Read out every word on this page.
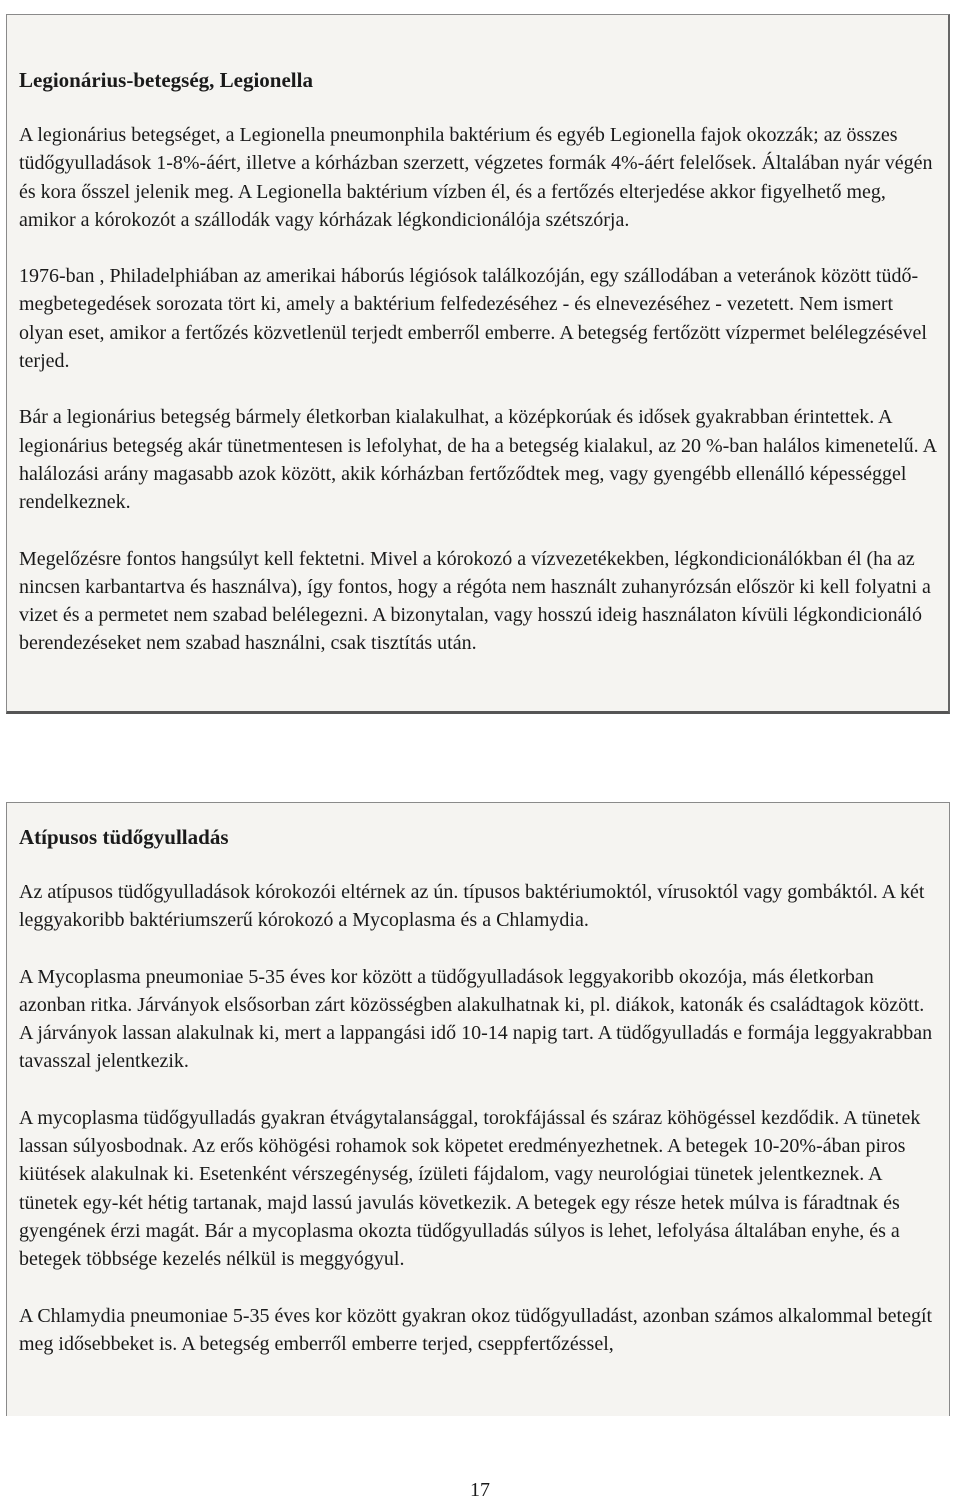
Legionárius-betegség, Legionella

A legionárius betegséget, a Legionella pneumonphila baktérium és egyéb Legionella fajok okozzák; az összes tüdőgyulladások 1-8%-áért, illetve a kórházban szerzett, végzetes formák 4%-áért felelősek. Általában nyár végén és kora ősszel jelenik meg. A Legionella baktérium vízben él, és a fertőzés elterjedése akkor figyelhető meg, amikor a kórokozót a szállodák vagy kórházak légkondicionálója szétszórja.

1976-ban , Philadelphiában az amerikai háborús légiósok találkozóján, egy szállodában a veteránok között tüdő-megbetegedések sorozata tört ki, amely a baktérium felfedezéséhez - és elnevezéséhez - vezetett. Nem ismert olyan eset, amikor a fertőzés közvetlenül terjedt emberről emberre. A betegség fertőzött vízpermet belélegzésével terjed.

Bár a legionárius betegség bármely életkorban kialakulhat, a középkorúak és idősek gyakrabban érintettek. A legionárius betegség akár tünetmentesen is lefolyhat, de ha a betegség kialakul, az 20 %-ban halálos kimenetelű. A halálozási arány magasabb azok között, akik kórházban fertőződtek meg, vagy gyengébb ellenálló képességgel rendelkeznek.

Megelőzésre fontos hangsúlyt kell fektetni. Mivel a kórokozó a vízvezetékekben, légkondicionálókban él (ha az nincsen karbantartva és használva), így fontos, hogy a régóta nem használt zuhanyrózsán először ki kell folyatni a vizet és a permetet nem szabad belélegezni. A bizonytalan, vagy hosszú ideig használaton kívüli légkondicionáló berendezéseket nem szabad használni, csak tisztítás után.

Atípusos tüdőgyulladás

Az atípusos tüdőgyulladások kórokozói eltérnek az ún. típusos baktériumoktól, vírusoktól vagy gombáktól. A két leggyakoribb baktériumszerű kórokozó a Mycoplasma és a Chlamydia.

A Mycoplasma pneumoniae 5-35 éves kor között a tüdőgyulladások leggyakoribb okozója, más életkorban azonban ritka. Járványok elsősorban zárt közösségben alakulhatnak ki, pl. diákok, katonák és családtagok között. A járványok lassan alakulnak ki, mert a lappangási idő 10-14 napig tart. A tüdőgyulladás e formája leggyakrabban tavasszal jelentkezik.

A mycoplasma tüdőgyulladás gyakran étvágytalansággal, torokfájással és száraz köhögéssel kezdődik. A tünetek lassan súlyosbodnak. Az erős köhögési rohamok sok köpetet eredményezhetnek. A betegek 10-20%-ában piros kiütések alakulnak ki. Esetenként vérszegénység, ízületi fájdalom, vagy neurológiai tünetek jelentkeznek. A tünetek egy-két hétig tartanak, majd lassú javulás következik. A betegek egy része hetek múlva is fáradtnak és gyengének érzi magát. Bár a mycoplasma okozta tüdőgyulladás súlyos is lehet, lefolyása általában enyhe, és a betegek többsége kezelés nélkül is meggyógyul.

A Chlamydia pneumoniae 5-35 éves kor között gyakran okoz tüdőgyulladást, azonban számos alkalommal betegít meg idősebbeket is. A betegség emberről emberre terjed, cseppfertőzéssel,

17
